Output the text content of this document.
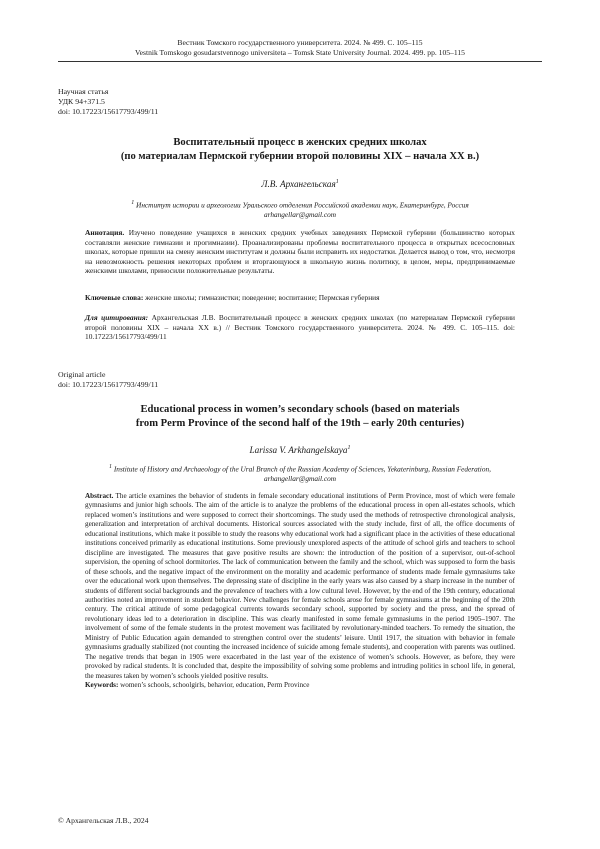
Вестник Томского государственного университета. 2024. № 499. С. 105–115
Vestnik Tomskogo gosudarstvennogo universiteta – Tomsk State University Journal. 2024. 499. pp. 105–115
Научная статья
УДК 94+371.5
doi: 10.17223/15617793/499/11
Воспитательный процесс в женских средних школах
(по материалам Пермской губернии второй половины XIX – начала XX в.)
Л.В. Архангельская$^1$
$^1$ Институт истории и археологии Уральского отделения Российской академии наук, Екатеринбург, Россия
arhangellar@gmail.com
Аннотация. Изучено поведение учащихся в женских средних учебных заведениях Пермской губернии (большинство которых составляли женские гимназии и прогимназии). Проанализированы проблемы воспитательного процесса в открытых всесословных школах, которые пришли на смену женским институтам и должны были исправить их недостатки. Делается вывод о том, что, несмотря на невозможность решения некоторых проблем и вторгающуюся в школьную жизнь политику, в целом, меры, предпринимаемые женскими школами, приносили положительные результаты.
Ключевые слова: женские школы; гимназистки; поведение; воспитание; Пермская губерния
Для цитирования: Архангельская Л.В. Воспитательный процесс в женских средних школах (по материалам Пермской губернии второй половины XIX – начала XX в.) // Вестник Томского государственного университета. 2024. № 499. С. 105–115. doi: 10.17223/15617793/499/11
Original article
doi: 10.17223/15617793/499/11
Educational process in women’s secondary schools (based on materials
from Perm Province of the second half of the 19th – early 20th centuries)
Larissa V. Arkhangelskaya$^1$
$^1$ Institute of History and Archaeology of the Ural Branch of the Russian Academy of Sciences, Yekaterinburg, Russian Federation,
arhangellar@gmail.com
Abstract. The article examines the behavior of students in female secondary educational institutions of Perm Province, most of which were female gymnasiums and junior high schools. The aim of the article is to analyze the problems of the educational process in open all-estates schools, which replaced women’s institutions and were supposed to correct their shortcomings. The study used the methods of retrospective chronological analysis, generalization and interpretation of archival documents. Historical sources associated with the study include, first of all, the office documents of educational institutions, which make it possible to study the reasons why educational work had a significant place in the activities of these educational institutions conceived primarily as educational institutions. Some previously unexplored aspects of the attitude of school girls and teachers to school discipline are investigated. The measures that gave positive results are shown: the introduction of the position of a supervisor, out-of-school supervision, the opening of school dormitories. The lack of communication between the family and the school, which was supposed to form the basis of these schools, and the negative impact of the environment on the morality and academic performance of students made female gymnasiums take over the educational work upon themselves. The depressing state of discipline in the early years was also caused by a sharp increase in the number of students of different social backgrounds and the prevalence of teachers with a low cultural level. However, by the end of the 19th century, educational authorities noted an improvement in student behavior. New challenges for female schools arose for female gymnasiums at the beginning of the 20th century. The critical attitude of some pedagogical currents towards secondary school, supported by society and the press, and the spread of revolutionary ideas led to a deterioration in discipline. This was clearly manifested in some female gymnasiums in the period 1905–1907. The involvement of some of the female students in the protest movement was facilitated by revolutionary-minded teachers. To remedy the situation, the Ministry of Public Education again demanded to strengthen control over the students’ leisure. Until 1917, the situation with behavior in female gymnasiums gradually stabilized (not counting the increased incidence of suicide among female students), and cooperation with parents was outlined. The negative trends that began in 1905 were exacerbated in the last year of the existence of women’s schools. However, as before, they were provoked by radical students. It is concluded that, despite the impossibility of solving some problems and intruding politics in school life, in general, the measures taken by women’s schools yielded positive results.
Keywords: women’s schools, schoolgirls, behavior, education, Perm Province
© Архангельская Л.В., 2024
